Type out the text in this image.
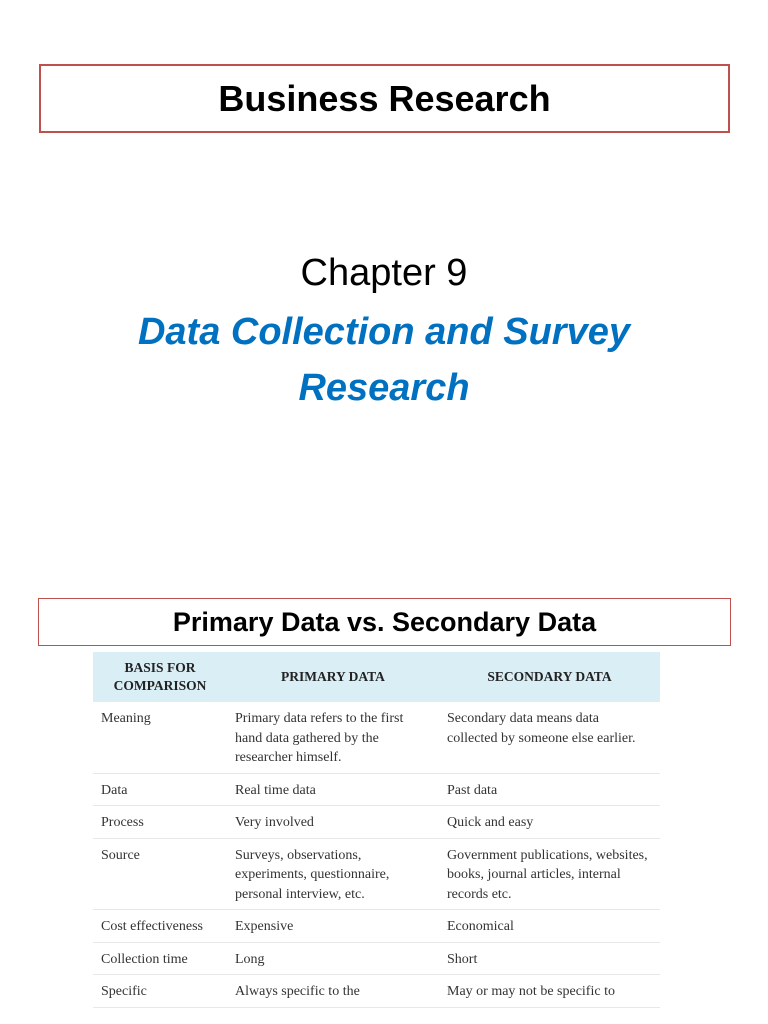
Business Research
Chapter 9
Data Collection and Survey
Research
Primary Data vs. Secondary Data
BASIS FOR COMPARISON	PRIMARY DATA	SECONDARY DATA
Meaning	Primary data refers to the first hand data gathered by the researcher himself.	Secondary data means data collected by someone else earlier.
Data	Real time data	Past data
Process	Very involved	Quick and easy
Source	Surveys, observations, experiments, questionnaire, personal interview, etc.	Government publications, websites, books, journal articles, internal records etc.
Cost effectiveness	Expensive	Economical
Collection time	Long	Short
Specific	Always specific to the	May or may not be specific to
